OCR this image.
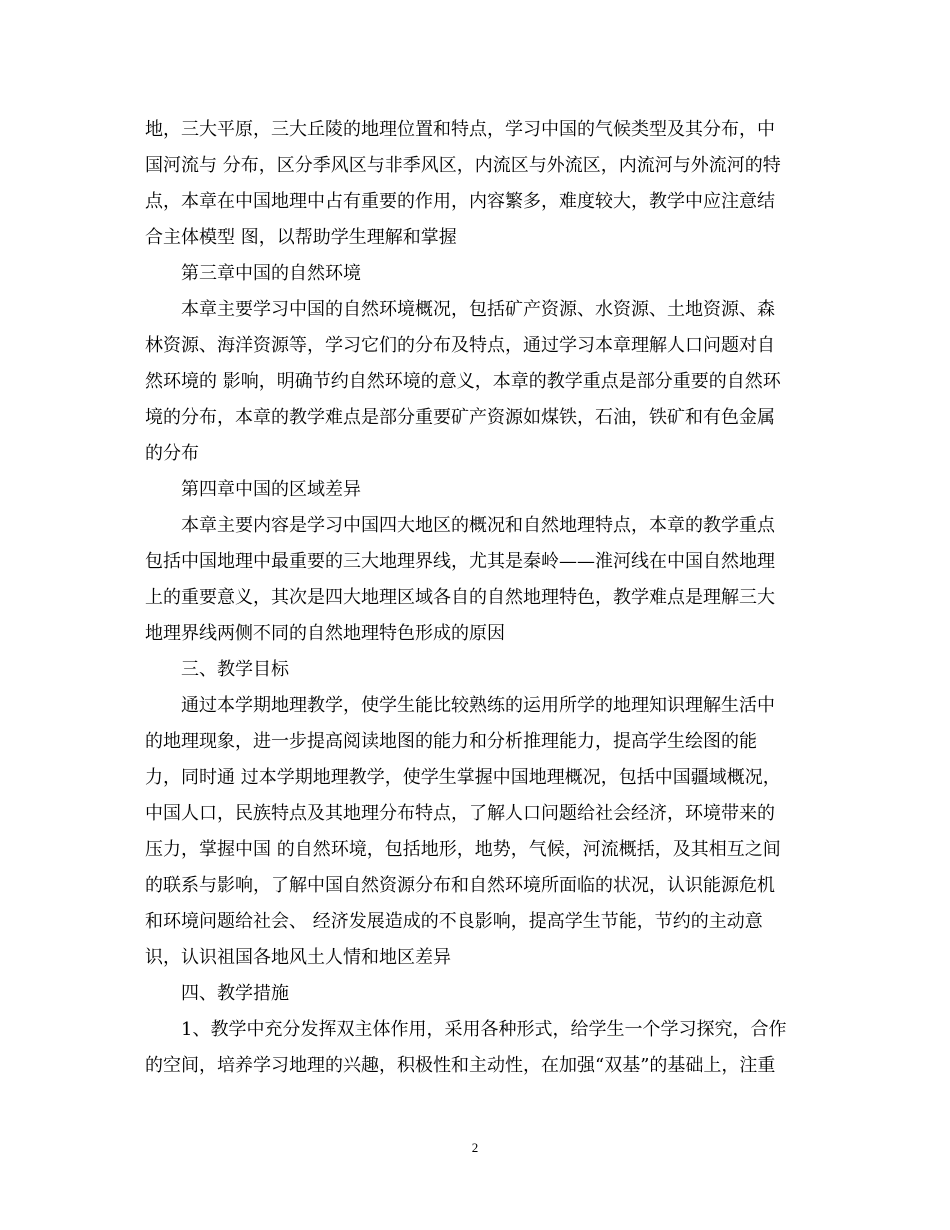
地，三大平原，三大丘陵的地理位置和特点，学习中国的气候类型及其分布，中
国河流与 分布，区分季风区与非季风区，内流区与外流区，内流河与外流河的特
点，本章在中国地理中占有重要的作用，内容繁多，难度较大，教学中应注意结
合主体模型 图，以帮助学生理解和掌握
第三章中国的自然环境
本章主要学习中国的自然环境概况，包括矿产资源、水资源、土地资源、森
林资源、海洋资源等，学习它们的分布及特点，通过学习本章理解人口问题对自
然环境的 影响，明确节约自然环境的意义，本章的教学重点是部分重要的自然环
境的分布，本章的教学难点是部分重要矿产资源如煤铁，石油，铁矿和有色金属
的分布
第四章中国的区域差异
本章主要内容是学习中国四大地区的概况和自然地理特点，本章的教学重点
包括中国地理中最重要的三大地理界线，尤其是秦岭——淮河线在中国自然地理
上的重要意义，其次是四大地理区域各自的自然地理特色，教学难点是理解三大
地理界线两侧不同的自然地理特色形成的原因
三、教学目标
通过本学期地理教学，使学生能比较熟练的运用所学的地理知识理解生活中
的地理现象，进一步提高阅读地图的能力和分析推理能力，提高学生绘图的能
力，同时通 过本学期地理教学，使学生掌握中国地理概况，包括中国疆域概况，
中国人口，民族特点及其地理分布特点，了解人口问题给社会经济，环境带来的
压力，掌握中国 的自然环境，包括地形，地势，气候，河流概括，及其相互之间
的联系与影响，了解中国自然资源分布和自然环境所面临的状况，认识能源危机
和环境问题给社会、 经济发展造成的不良影响，提高学生节能，节约的主动意
识，认识祖国各地风土人情和地区差异
四、教学措施
1、教学中充分发挥双主体作用，采用各种形式，给学生一个学习探究，合作
的空间，培养学习地理的兴趣，积极性和主动性，在加强“双基”的基础上，注重
2
